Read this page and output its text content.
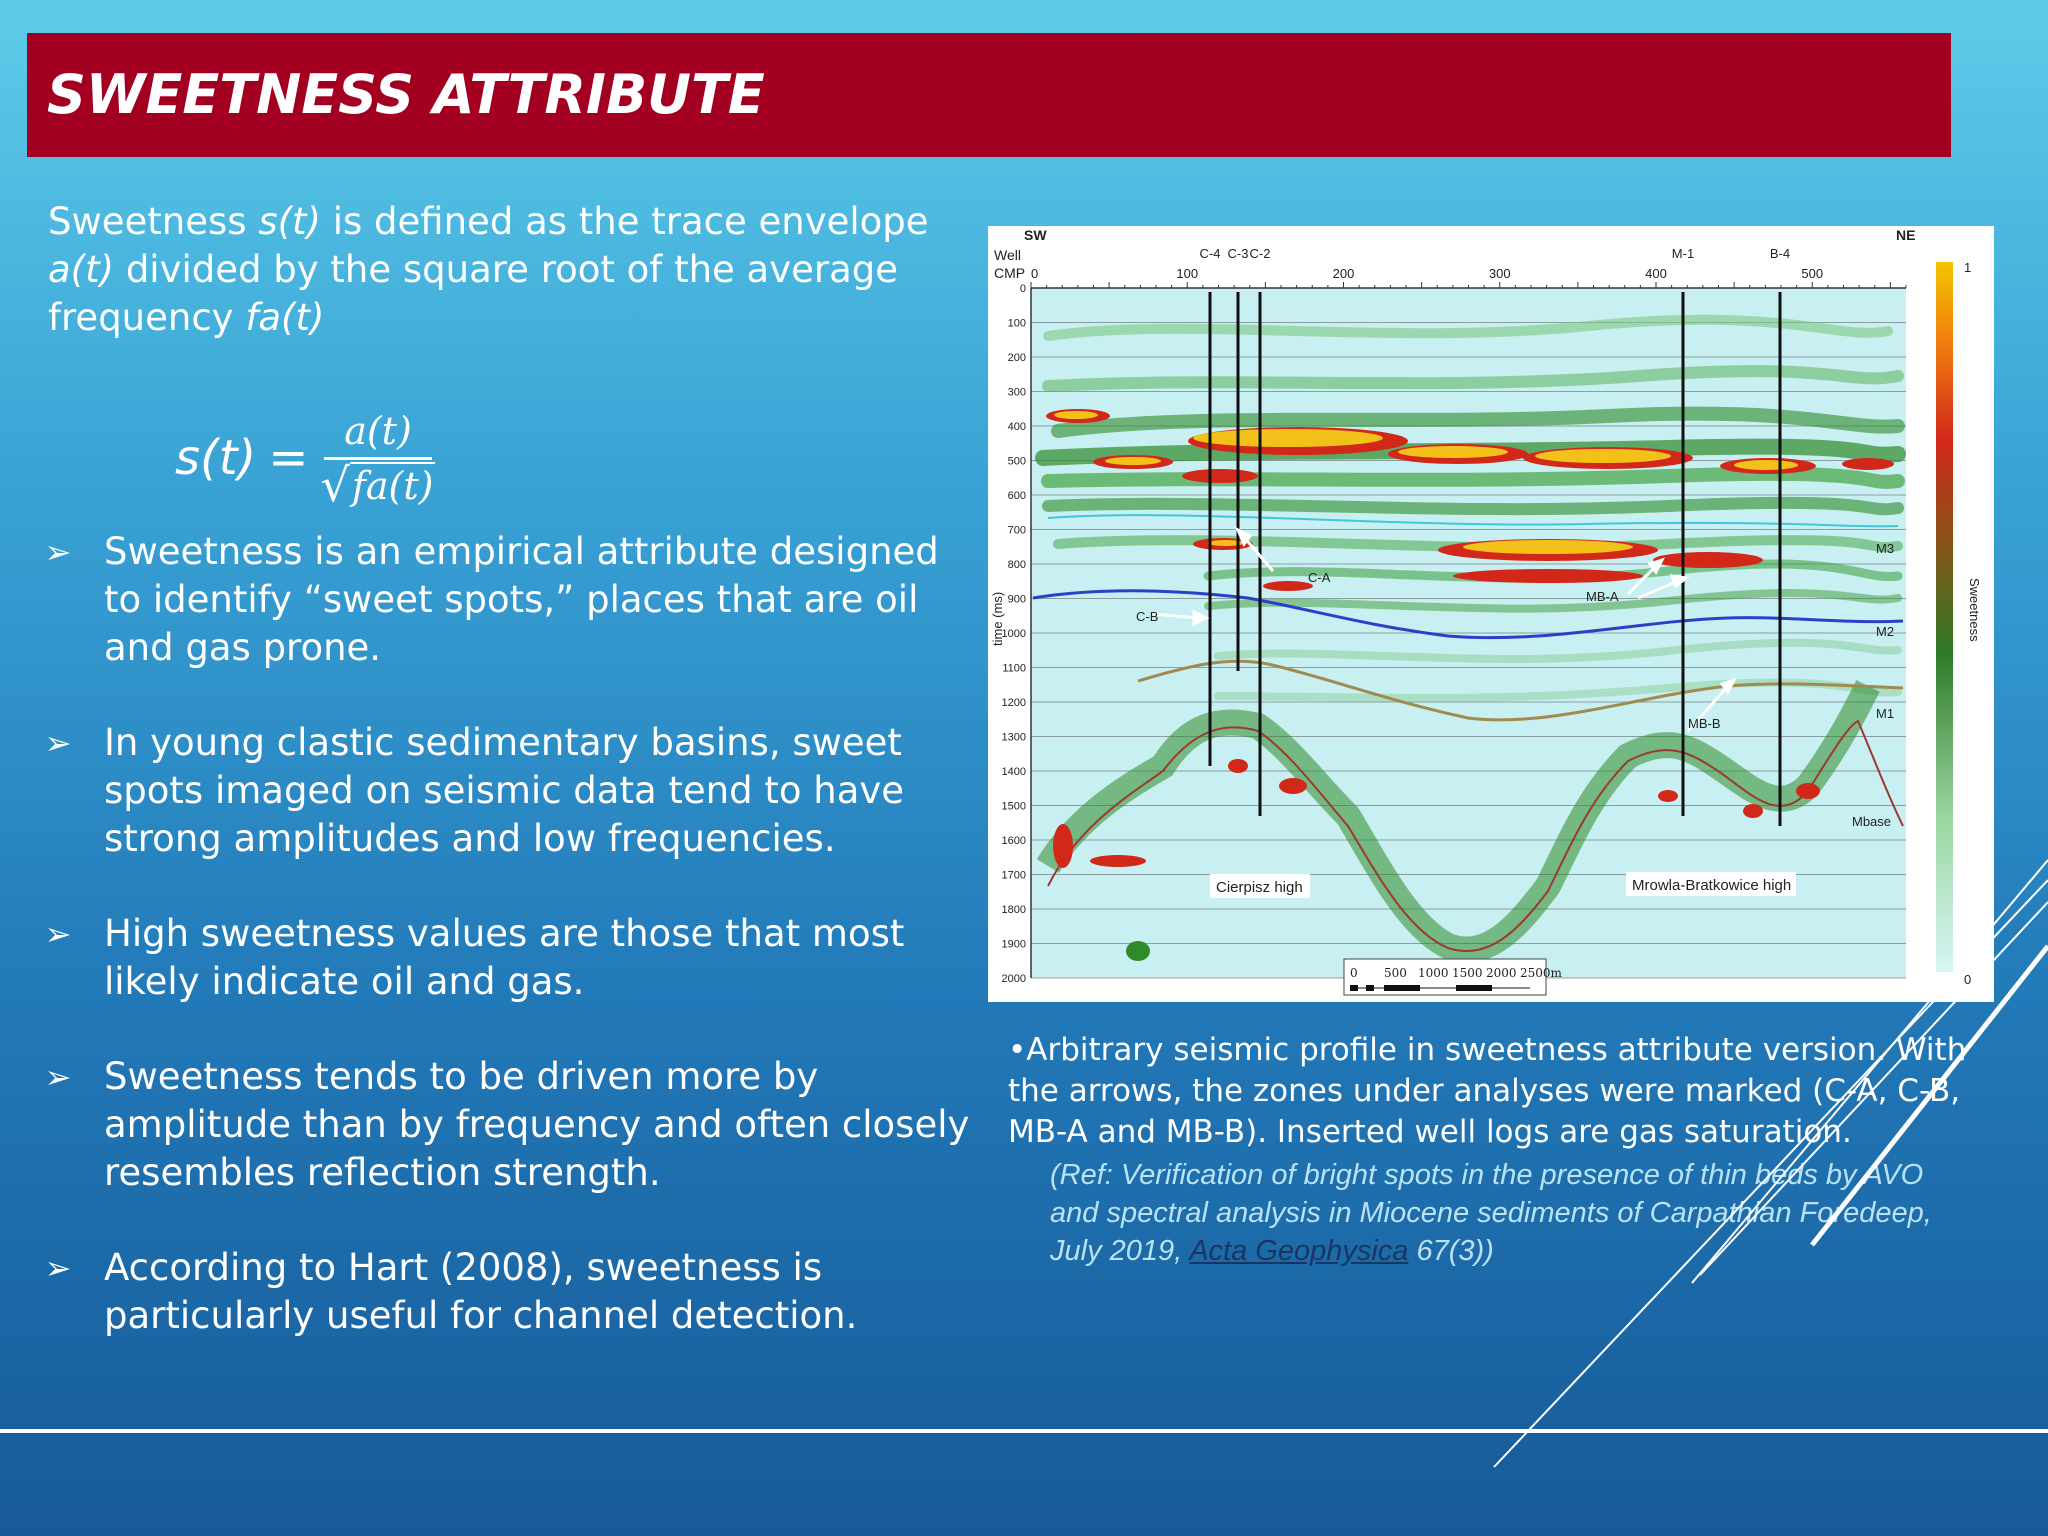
SWEETNESS ATTRIBUTE

Sweetness s(t) is defined as the trace envelope a(t) divided by the square root of the average frequency fa(t)

$s(t) = \frac{a(t)}{√ fa(t)}$
➢ Sweetness is an empirical attribute designed to identify “sweet spots,” places that are oil and gas prone.
➢ In young clastic sedimentary basins, sweet spots imaged on seismic data tend to have strong amplitudes and low frequencies.
➢ High sweetness values are those that most likely indicate oil and gas.
➢ Sweetness tends to be driven more by amplitude than by frequency and often closely resembles reflection strength.
➢ According to Hart (2008), sweetness is particularly useful for channel detection.
SW	NE
Well
CMP 0	100	200	300	400	500
C-4 C-3 C-2	M-1	B-4
0
100
200
300
400
500
600
700
800
900
1000
1100
1200
1300
1400
1500
1600
1700
1800
1900
2000
time (ms)
C-A
C-B
MB-A
MB-B
M3
M2
M1
Mbase
Cierpisz high	Mrowla-Bratkowice high
0 500 1000 1500 2000 2500m
1
0
Sweetness

•Arbitrary seismic profile in sweetness attribute version. With the arrows, the zones under analyses were marked (C-A, C-B, MB-A and MB-B). Inserted well logs are gas saturation.

(Ref: Verification of bright spots in the presence of thin beds by AVO
and spectral analysis in Miocene sediments of Carpathian Foredeep,
July 2019, Acta Geophysica 67(3))
